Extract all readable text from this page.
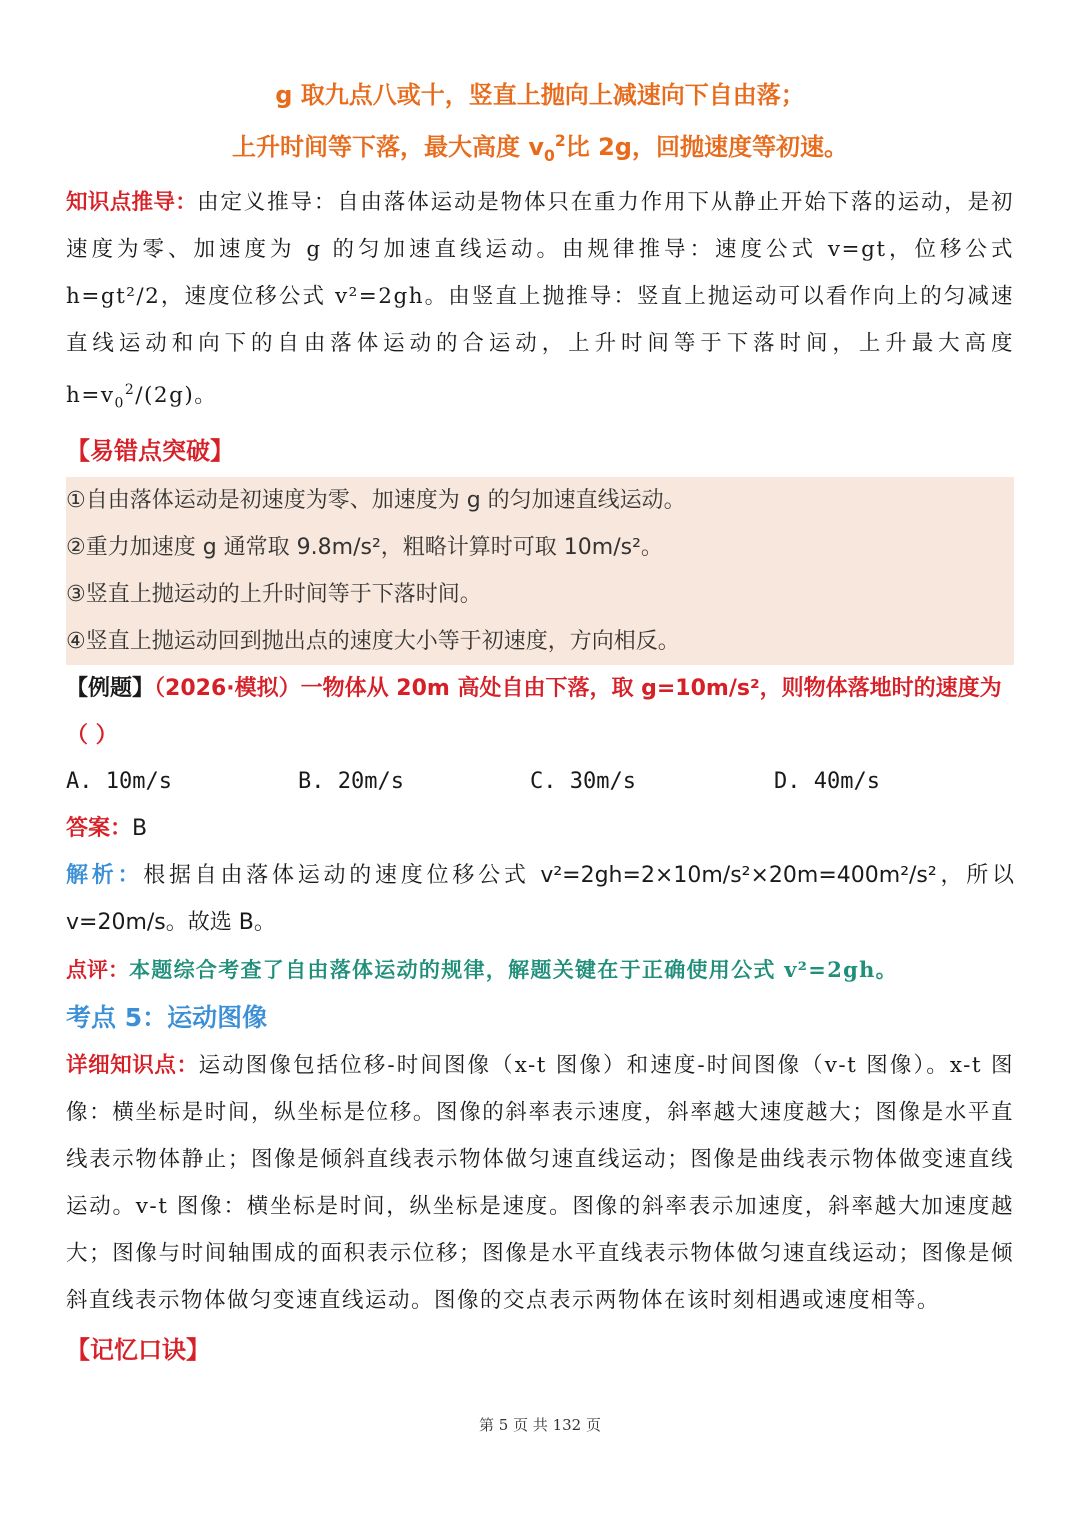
g 取九点八或十，竖直上抛向上减速向下自由落；
上升时间等下落，最大高度 $v_0^2$比 2g，回抛速度等初速。
知识点推导：由定义推导：自由落体运动是物体只在重力作用下从静止开始下落的运动，是初速度为零、加速度为 g 的匀加速直线运动。由规律推导：速度公式 v=gt，位移公式 h=gt²/2，速度位移公式 v²=2gh。由竖直上抛推导：竖直上抛运动可以看作向上的匀减速直线运动和向下的自由落体运动的合运动，上升时间等于下落时间，上升最大高度 $h=v_0^2/(2g)$。
【易错点突破】
①自由落体运动是初速度为零、加速度为 g 的匀加速直线运动。
②重力加速度 g 通常取 9.8m/s²，粗略计算时可取 10m/s²。
③竖直上抛运动的上升时间等于下落时间。
④竖直上抛运动回到抛出点的速度大小等于初速度，方向相反。
【例题】（2026·模拟）一物体从 20m 高处自由下落，取 g=10m/s²，则物体落地时的速度为（ ）
A. 10m/s	B. 20m/s	C. 30m/s	D. 40m/s
答案：B
解析：根据自由落体运动的速度位移公式 v²=2gh=2×10m/s²×20m=400m²/s²，所以 v=20m/s。故选 B。
点评：本题综合考查了自由落体运动的规律，解题关键在于正确使用公式 v²=2gh。
考点 5：运动图像
详细知识点：运动图像包括位移-时间图像（x-t 图像）和速度-时间图像（v-t 图像）。x-t 图像：横坐标是时间，纵坐标是位移。图像的斜率表示速度，斜率越大速度越大；图像是水平直线表示物体静止；图像是倾斜直线表示物体做匀速直线运动；图像是曲线表示物体做变速直线运动。v-t 图像：横坐标是时间，纵坐标是速度。图像的斜率表示加速度，斜率越大加速度越大；图像与时间轴围成的面积表示位移；图像是水平直线表示物体做匀速直线运动；图像是倾斜直线表示物体做匀变速直线运动。图像的交点表示两物体在该时刻相遇或速度相等。
【记忆口诀】
第 5 页 共 132 页
